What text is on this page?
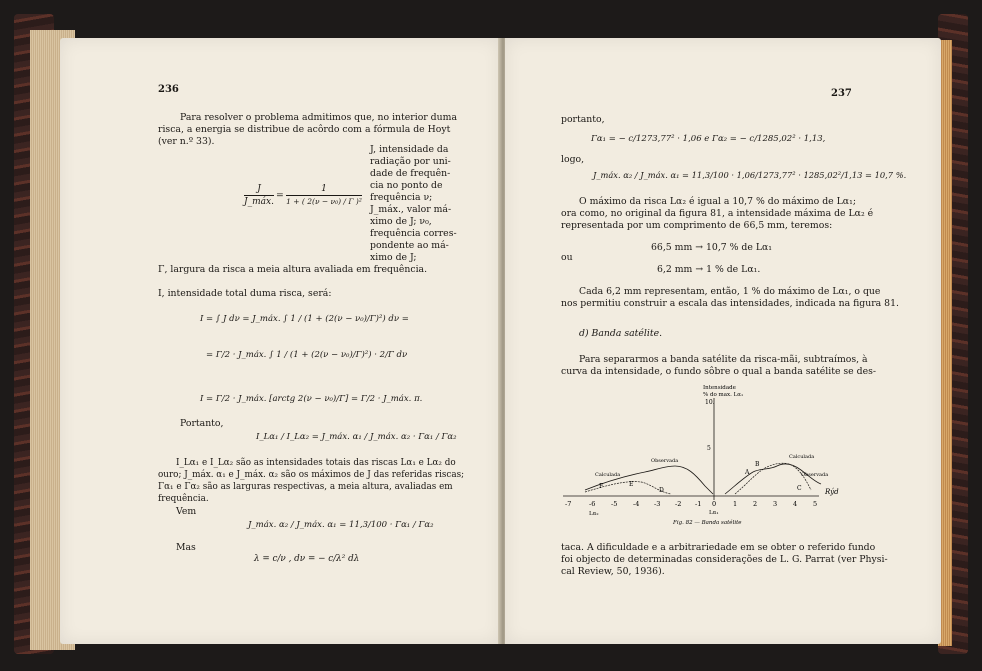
236
Para resolver o problema admitimos que, no interior duma
risca, a energia se distribue de acôrdo com a fórmula de Hoyt
(ver n.º 33).
J, intensidade da
radiação por uni-
dade de frequên-
cia no ponto de
frequência ν;
J_máx., valor má-
ximo de J; ν₀,
frequência corres-
pondente ao má-
ximo de J;
J
J_máx.
=
1
1 + ( 2(ν − ν₀) / Γ )²
Γ, largura da risca a meia altura avaliada em frequência.
I, intensidade total duma risca, será:
I = ∫ J dν = J_máx. ∫ 1 / (1 + (2(ν − ν₀)/Γ)²) dν =
= Γ/2 · J_máx. ∫ 1 / (1 + (2(ν − ν₀)/Γ)²) · 2/Γ dν
I = Γ/2 · J_máx. [arctg 2(ν − ν₀)/Γ] = Γ/2 · J_máx. π.
Portanto,
I_Lα₁ / I_Lα₂ = J_máx. α₁ / J_máx. α₂ · Γα₁ / Γα₂
I_Lα₁ e I_Lα₂ são as intensidades totais das riscas Lα₁ e Lα₂ do
ouro; J_máx. α₁ e J_máx. α₂ são os máximos de J das referidas riscas;
Γα₁ e Γα₂ são as larguras respectivas, a meia altura, avaliadas em
frequência.
Vem
J_máx. α₂ / J_máx. α₁ = 11,3/100 · Γα₁ / Γα₂
Mas
λ = c/ν , dν = − c/λ² dλ
237
portanto,
Γα₁ = − c/1273,77² · 1,06 e Γα₂ = − c/1285,02² · 1,13,
logo,
J_máx. α₂ / J_máx. α₁ = 11,3/100 · 1,06/1273,77² · 1285,02²/1,13 = 10,7 %.
O máximo da risca Lα₂ é igual a 10,7 % do máximo de Lα₁;
ora como, no original da figura 81, a intensidade máxima de Lα₂ é
representada por um comprimento de 66,5 mm, teremos:
66,5 mm → 10,7 % de Lα₁
ou
6,2 mm → 1 % de Lα₁.
Cada 6,2 mm representam, então, 1 % do máximo de Lα₁, o que
nos permitiu construir a escala das intensidades, indicada na figura 81.
d) Banda satélite.
Para separarmos a banda satélite da risca-mãi, subtraímos, à
curva da intensidade, o fundo sôbre o qual a banda satélite se des-
Intensidade
% do max. Lα₁
10.
5
Calculada
Observada
Calculada
Observada
A
B
C
D
E
F
-7	-6 -5 -4 -3 -2 -1 0	1 2 3 4 5
Rýd
Lα₂	Lα₁
Fig. 82 — Banda satélite
taca. A dificuldade e a arbitrariedade em se obter o referido fundo
foi objecto de determinadas considerações de L. G. Parrat (ver Physi-
cal Review, 50, 1936).
